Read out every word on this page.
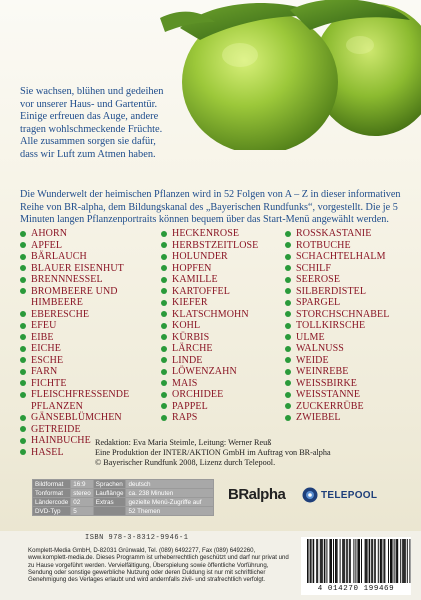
Sie wachsen, blühen und gedeihen vor unserer Haus- und Gartentür. Einige erfreuen das Auge, andere tragen wohlschmeckende Früchte. Alle zusammen sorgen sie dafür, dass wir Luft zum Atmen haben.
Die Wunderwelt der heimischen Pflanzen wird in 52 Folgen von A – Z in dieser informativen Reihe von BR-alpha, dem Bildungskanal des „Bayerischen Rundfunks“, vorgestellt. Die je 5 Minuten langen Pflanzenportraits können bequem über das Start-Menü angewählt werden.
AHORN
APFEL
BÄRLAUCH
BLAUER EISENHUT
BRENNNESSEL
BROMBEERE UND
HIMBEERE
EBERESCHE
EFEU
EIBE
EICHE
ESCHE
FARN
FICHTE
FLEISCHFRESSENDE
PFLANZEN
GÄNSEBLÜMCHEN
GETREIDE
HAINBUCHE
HASEL
HECKENROSE
HERBSTZEITLOSE
HOLUNDER
HOPFEN
KAMILLE
KARTOFFEL
KIEFER
KLATSCHMOHN
KOHL
KÜRBIS
LÄRCHE
LINDE
LÖWENZAHN
MAIS
ORCHIDEE
PAPPEL
RAPS
ROSSKASTANIE
ROTBUCHE
SCHACHTELHALM
SCHILF
SEEROSE
SILBERDISTEL
SPARGEL
STORCHSCHNABEL
TOLLKIRSCHE
ULME
WALNUSS
WEIDE
WEINREBE
WEISSBIRKE
WEISSTANNE
ZUCKERRÜBE
ZWIEBEL
Redaktion: Eva Maria Steimle, Leitung: Werner Reuß
Eine Produktion der INTER/AKTION GmbH im Auftrag von BR-alpha
© Bayerischer Rundfunk 2008, Lizenz durch Telepool.
Bildformat	16:9	Sprachen	deutsch
Tonformat	stereo	Lauflänge	ca. 238 Minuten
Ländercode	02	Extras	gezielte Menü-Zugriffe auf
DVD-Typ	5		52 Themen
BRalpha	TELEPOOL
ISBN 978-3-8312-9946-1
Komplett-Media GmbH, D-82031 Grünwald, Tel. (089) 6492277, Fax (089) 6492260, www.komplett-media.de. Dieses Programm ist urheberrechtlich geschützt und darf nur privat und zu Hause vorgeführt werden. Vervielfältigung, Überspielung sowie öffentliche Vorführung, Sendung oder sonstige gewerbliche Nutzung oder deren Duldung ist nur mit schriftlicher Genehmigung des Verlages erlaubt und wird andernfalls zivil- und strafrechtlich verfolgt.
4 014270 199469
